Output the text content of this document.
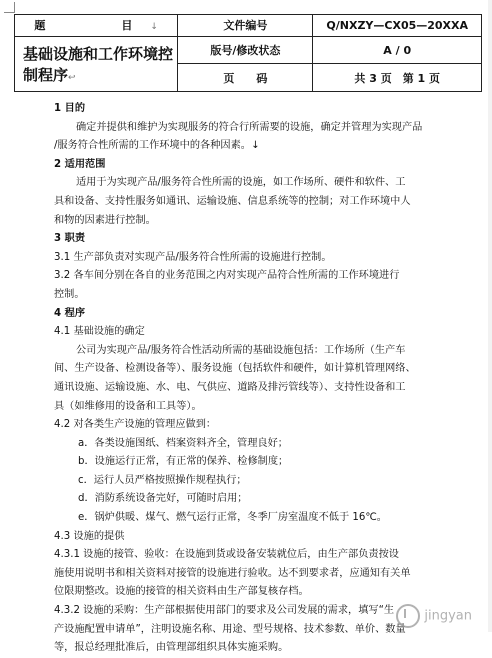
题　　目↓	文件编号	Q/NXZY—CX05—20XXA
基础设施和工作环境控制程序↩	版号/修改状态	A / 0
	页　　码	共 3 页　第 1 页
1 目的
确定并提供和维护为实现服务的符合行所需要的设施，确定并管理为实现产品
/服务符合性所需的工作环境中的各种因素。↓
2 适用范围
适用于为实现产品/服务符合性所需的设施，如工作场所、硬件和软件、工
具和设备、支持性服务如通讯、运输设施、信息系统等的控制；对工作环境中人
和物的因素进行控制。
3 职责
3.1 生产部负责对实现产品/服务符合性所需的设施进行控制。
3.2 各车间分别在各自的业务范围之内对实现产品符合性所需的工作环境进行
控制。
4 程序
4.1 基础设施的确定
公司为实现产品/服务符合性活动所需的基础设施包括：工作场所（生产车
间、生产设备、检测设备等）、服务设施（包括软件和硬件，如计算机管理网络、
通讯设施、运输设施、水、电、气供应、道路及排污管线等）、支持性设备和工
具（如维修用的设备和工具等）。
4.2 对各类生产设施的管理应做到：
a．各类设施图纸、档案资料齐全，管理良好；
b．设施运行正常，有正常的保养、检修制度；
c．运行人员严格按照操作规程执行；
d．消防系统设备完好，可随时启用；
e．锅炉供暖、煤气、燃气运行正常，冬季厂房室温度不低于 16℃。
4.3 设施的提供
4.3.1 设施的接管、验收：在设施到货或设备安装就位后，由生产部负责按设
施使用说明书和相关资料对接管的设施进行验收。达不到要求者，应通知有关单
位限期整改。设施的接管的相关资料由生产部复核存档。
4.3.2 设施的采购：生产部根据使用部门的要求及公司发展的需求，填写“生
产设施配置申请单”，注明设施名称、用途、型号规格、技术参数、单价、数量
等，报总经理批准后，由管理部组织具体实施采购。
jingyan
